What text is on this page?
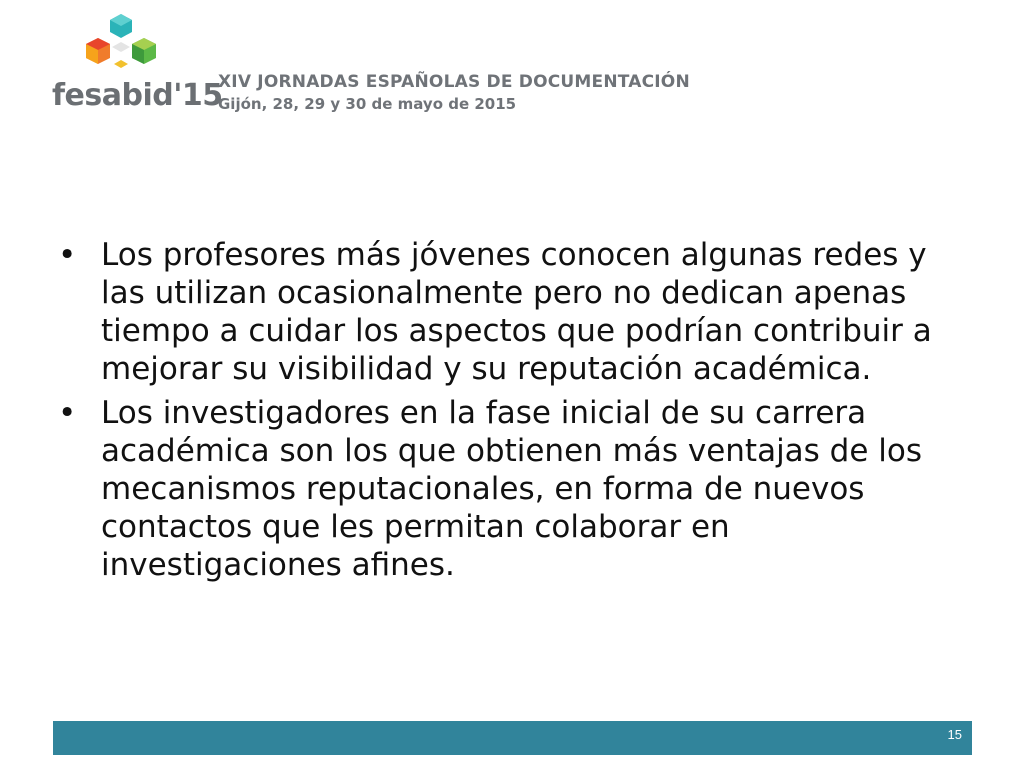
fesabid'15
XIV JORNADAS ESPAÑOLAS DE DOCUMENTACIÓN
Gijón, 28, 29 y 30 de mayo de 2015
• Los profesores más jóvenes conocen algunas redes y las utilizan ocasionalmente pero no dedican apenas tiempo a cuidar los aspectos que podrían contribuir a mejorar su visibilidad y su reputación académica.
• Los investigadores en la fase inicial de su carrera académica son los que obtienen más ventajas de los mecanismos reputacionales, en forma de nuevos contactos que les permitan colaborar en investigaciones afines.
15
